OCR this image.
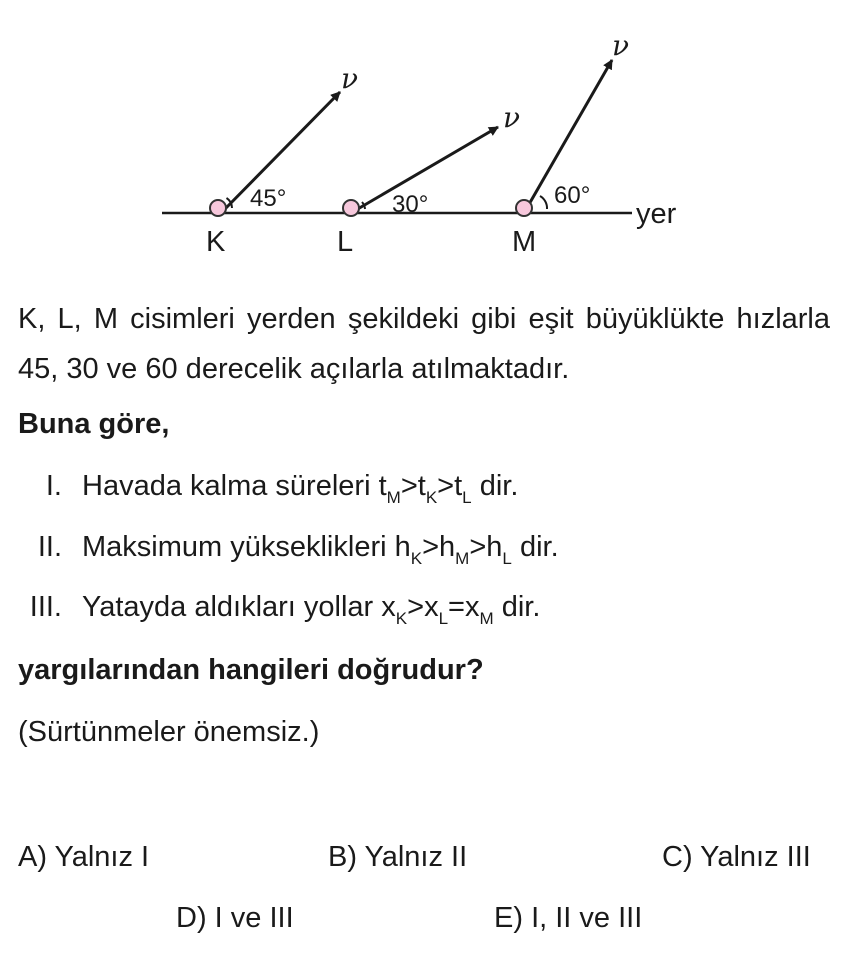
yer
45°
K
ν
30°
L
ν
60°
M
ν
K, L, M cisimleri yerden şekildeki gibi eşit büyüklükte hızlarla 45, 30 ve 60 derecelik açılarla atılmaktadır.
Buna göre,
I. Havada kalma süreleri $t_M>t_K>t_L$ dir.
II. Maksimum yükseklikleri $h_K>h_M>h_L$ dir.
III. Yatayda aldıkları yollar $x_K>x_L=x_M$ dir.
yargılarından hangileri doğrudur?
(Sürtünmeler önemsiz.)
A) Yalnız I	B) Yalnız II	C) Yalnız III
D) I ve III	E) I, II ve III
